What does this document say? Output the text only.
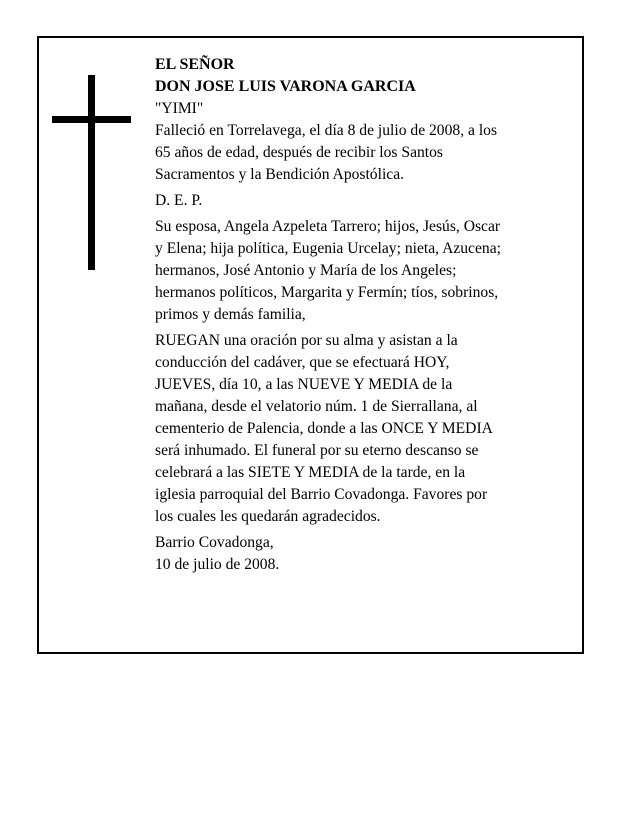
EL SEÑOR

DON JOSE LUIS VARONA GARCIA

"YIMI"

Falleció en Torrelavega, el día 8 de julio de 2008, a los

65 años de edad, después de recibir los Santos

Sacramentos y la Bendición Apostólica.

D. E. P.

Su esposa, Angela Azpeleta Tarrero; hijos, Jesús, Oscar

y Elena; hija política, Eugenia Urcelay; nieta, Azucena;

hermanos, José Antonio y María de los Angeles;

hermanos políticos, Margarita y Fermín; tíos, sobrinos,

primos y demás familia,

RUEGAN una oración por su alma y asistan a la

conducción del cadáver, que se efectuará HOY,

JUEVES, día 10, a las NUEVE Y MEDIA de la

mañana, desde el velatorio núm. 1 de Sierrallana, al

cementerio de Palencia, donde a las ONCE Y MEDIA

será inhumado. El funeral por su eterno descanso se

celebrará a las SIETE Y MEDIA de la tarde, en la

iglesia parroquial del Barrio Covadonga. Favores por

los cuales les quedarán agradecidos.

Barrio Covadonga,

10 de julio de 2008.
